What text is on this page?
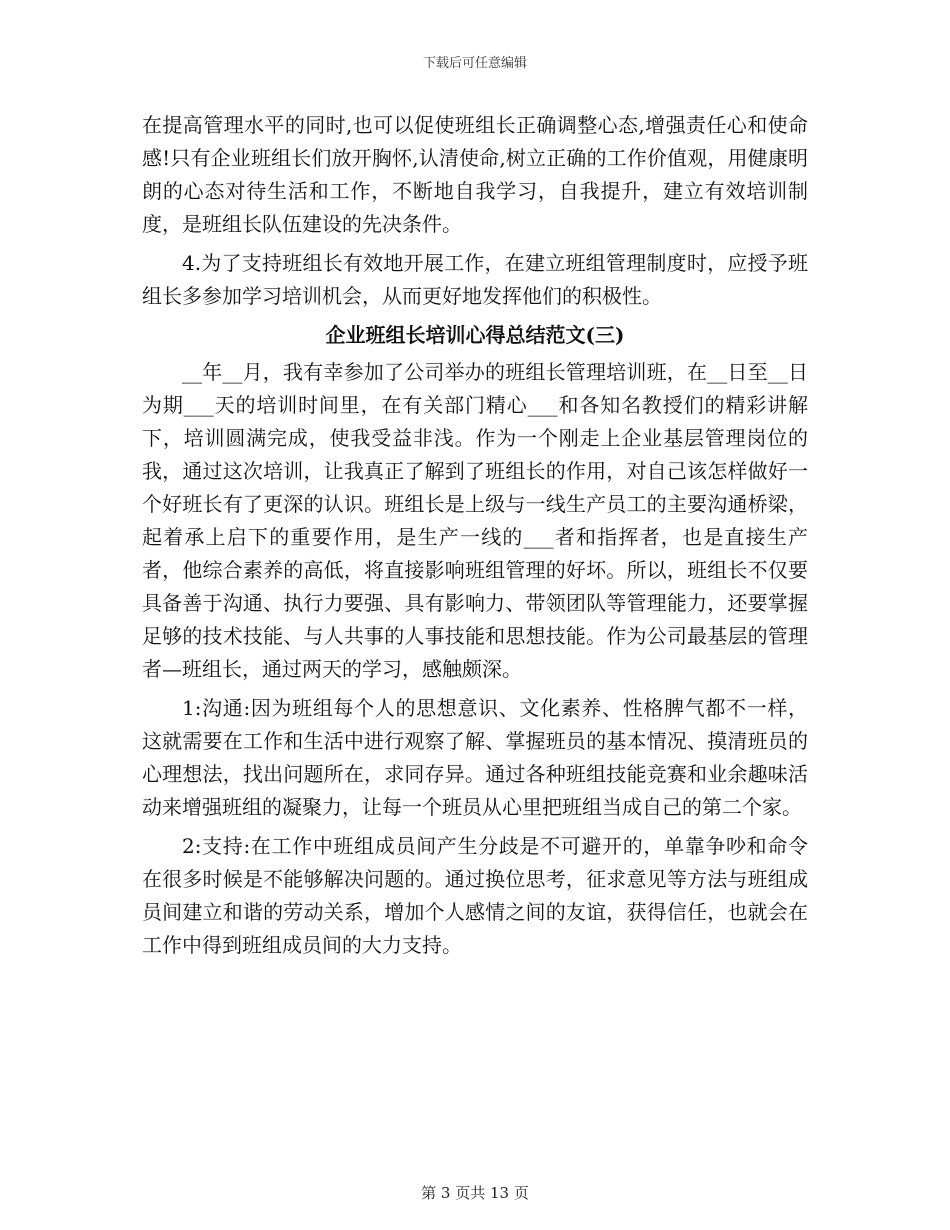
下载后可任意编辑

在提高管理水平的同时,也可以促使班组长正确调整心态,增强责任心和使命感!只有企业班组长们放开胸怀,认清使命,树立正确的工作价值观，用健康明朗的心态对待生活和工作，不断地自我学习，自我提升，建立有效培训制度，是班组长队伍建设的先决条件。

4.为了支持班组长有效地开展工作，在建立班组管理制度时，应授予班组长多参加学习培训机会，从而更好地发挥他们的积极性。

企业班组长培训心得总结范文(三)

__年__月，我有幸参加了公司举办的班组长管理培训班，在__日至__日为期___天的培训时间里，在有关部门精心___和各知名教授们的精彩讲解下，培训圆满完成，使我受益非浅。作为一个刚走上企业基层管理岗位的我，通过这次培训，让我真正了解到了班组长的作用，对自己该怎样做好一个好班长有了更深的认识。班组长是上级与一线生产员工的主要沟通桥梁，起着承上启下的重要作用，是生产一线的___者和指挥者，也是直接生产者，他综合素养的高低，将直接影响班组管理的好坏。所以，班组长不仅要具备善于沟通、执行力要强、具有影响力、带领团队等管理能力，还要掌握足够的技术技能、与人共事的人事技能和思想技能。作为公司最基层的管理者—班组长，通过两天的学习，感触颇深。

1:沟通:因为班组每个人的思想意识、文化素养、性格脾气都不一样，这就需要在工作和生活中进行观察了解、掌握班员的基本情况、摸清班员的心理想法，找出问题所在，求同存异。通过各种班组技能竞赛和业余趣味活动来增强班组的凝聚力，让每一个班员从心里把班组当成自己的第二个家。

2:支持:在工作中班组成员间产生分歧是不可避开的，单靠争吵和命令在很多时候是不能够解决问题的。通过换位思考，征求意见等方法与班组成员间建立和谐的劳动关系，增加个人感情之间的友谊，获得信任，也就会在工作中得到班组成员间的大力支持。

第 3 页共 13 页
